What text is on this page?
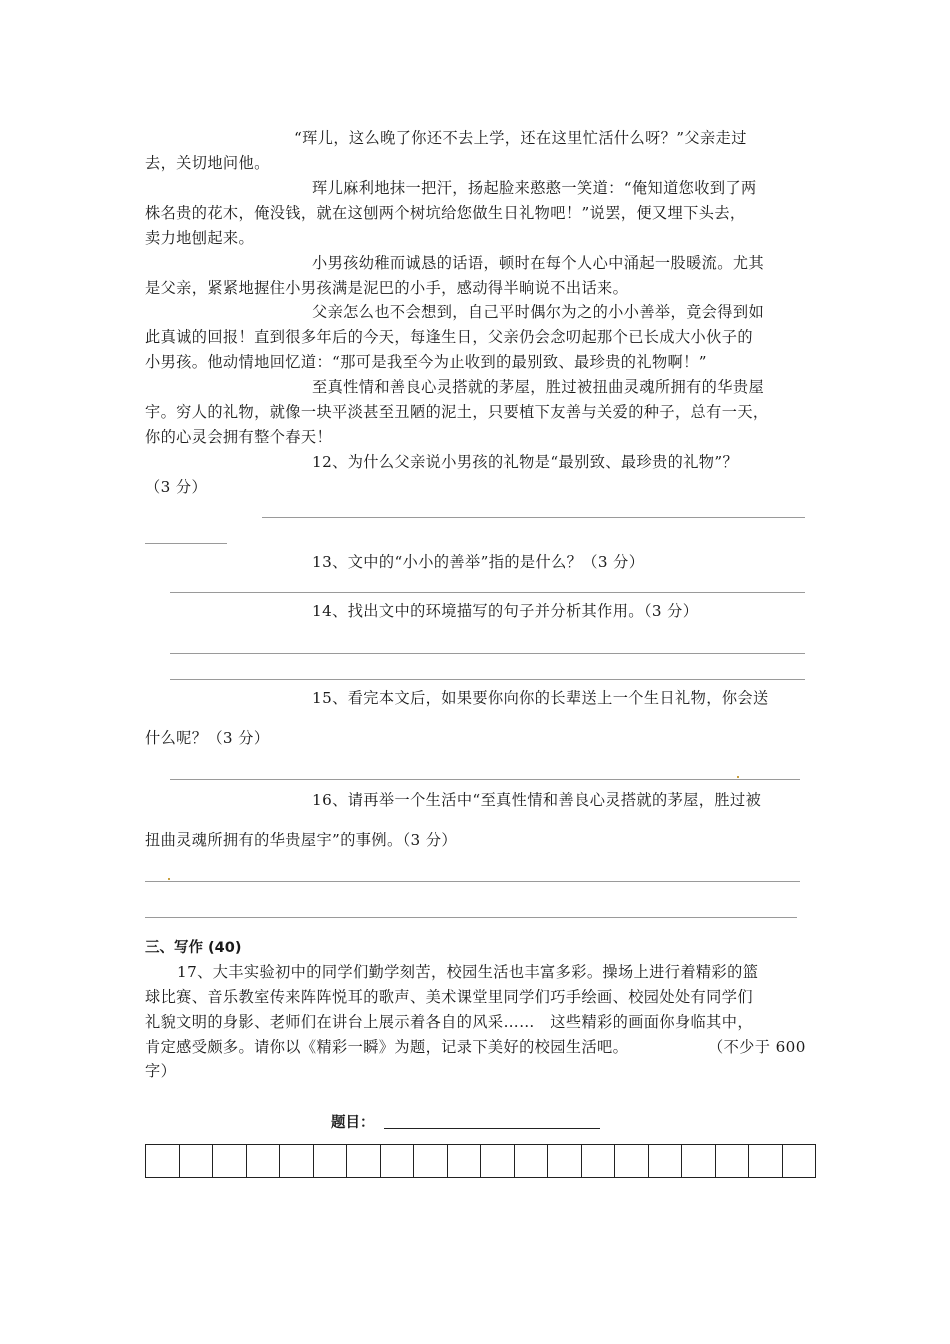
“珲儿，这么晚了你还不去上学，还在这里忙活什么呀？”父亲走过
去，关切地问他。
珲儿麻利地抹一把汗，扬起脸来憨憨一笑道：“俺知道您收到了两
株名贵的花木，俺没钱，就在这刨两个树坑给您做生日礼物吧！”说罢，便又埋下头去，
卖力地刨起来。
小男孩幼稚而诚恳的话语，顿时在每个人心中涌起一股暖流。尤其
是父亲，紧紧地握住小男孩满是泥巴的小手，感动得半晌说不出话来。
父亲怎么也不会想到，自己平时偶尔为之的小小善举，竟会得到如
此真诚的回报！直到很多年后的今天，每逢生日，父亲仍会念叨起那个已长成大小伙子的
小男孩。他动情地回忆道：“那可是我至今为止收到的最别致、最珍贵的礼物啊！”
至真性情和善良心灵搭就的茅屋，胜过被扭曲灵魂所拥有的华贵屋
宇。穷人的礼物，就像一块平淡甚至丑陋的泥土，只要植下友善与关爱的种子，总有一天，
你的心灵会拥有整个春天！
12、为什么父亲说小男孩的礼物是“最别致、最珍贵的礼物”？
（3 分）
13、文中的“小小的善举”指的是什么？（3 分）
14、找出文中的环境描写的句子并分析其作用。（3 分）
15、看完本文后，如果要你向你的长辈送上一个生日礼物，你会送
什么呢？（3 分）
16、请再举一个生活中“至真性情和善良心灵搭就的茅屋，胜过被
扭曲灵魂所拥有的华贵屋宇”的事例。（3 分）
三、写作 (40)
17、大丰实验初中的同学们勤学刻苦，校园生活也丰富多彩。操场上进行着精彩的篮
球比赛、音乐教室传来阵阵悦耳的歌声、美术课堂里同学们巧手绘画、校园处处有同学们
礼貌文明的身影、老师们在讲台上展示着各自的风采……　这些精彩的画面你身临其中，
肯定感受颇多。请你以《精彩一瞬》为题，记录下美好的校园生活吧。	（不少于 600
字）
题目：
